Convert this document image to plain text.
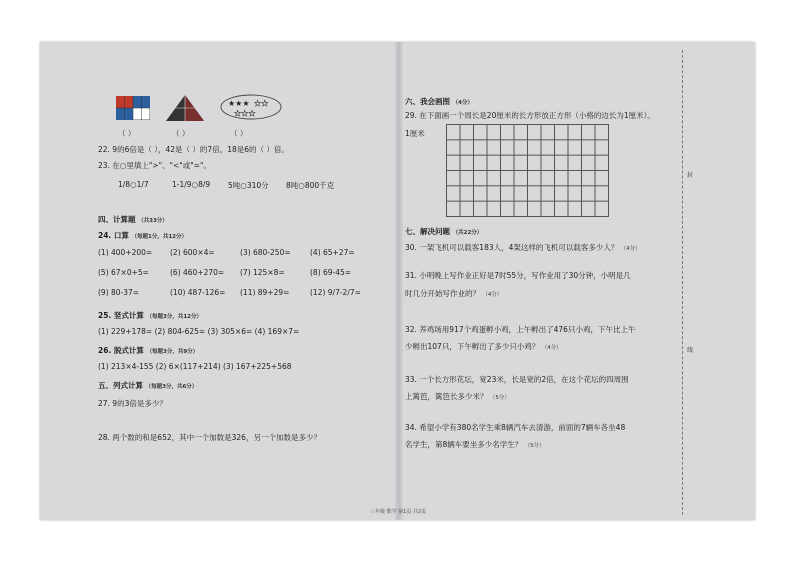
★★★ ★★
★★★
（ ）	（ ）	（ ）
22. 9的6倍是（ ），42是（ ）的7倍，18是6的（ ）倍。
23. 在○里填上">"、"<"或"="。
1/8○1/7	1-1/9○8/9 5吨○310分 8吨○800千克
四、计算题 （共33分）
24. 口算 （每题1分，共12分）
(1) 400+200= (2) 600×4=	(3) 680-250=	(4) 65+27=
(5) 67×0+5=	(6) 460+270= (7) 125×8=	(8) 69-45=
(9) 80-37=	(10) 487-126= (11) 89+29=	(12) 9/7-2/7=
25. 竖式计算 （每题3分，共12分）
(1) 229+178= (2) 804-625= (3) 305×6= (4) 169×7=
26. 脱式计算 （每题3分，共9分）
(1) 213×4-155 (2) 6×(117+214) (3) 167+225+568
五、列式计算 （每题3分，共6分）
27. 9的3倍是多少？
28. 两个数的和是652，其中一个加数是326，另一个加数是多少？
六、我会画图 （4分）
29. 在下面画一个周长是20厘米的长方形放正方形（小格的边长为1厘米）。
1厘米
七、解决问题 （共22分）
30. 一架飞机可以载客183人，4架这样的飞机可以载客多少人？ （4分）
31. 小明晚上写作业正好是7时55分，写作业用了30分钟，小明是几
时几分开始写作业的？ （4分）
32. 养鸡场用917个鸡蛋孵小鸡，上午孵出了476只小鸡，下午比上午
少孵出107只，下午孵出了多少只小鸡？ （4分）
33. 一个长方形花坛，宽23米，长是宽的2倍，在这个花坛的四周围
上篱笆，篱笆长多少米？ （5分）
34. 希望小学有380名学生乘8辆汽车去清游，前面的7辆车各坐48
名学生，第8辆车要坐多少名学生？ （5分）
封
线
三年级 数学 第1页 共2页
